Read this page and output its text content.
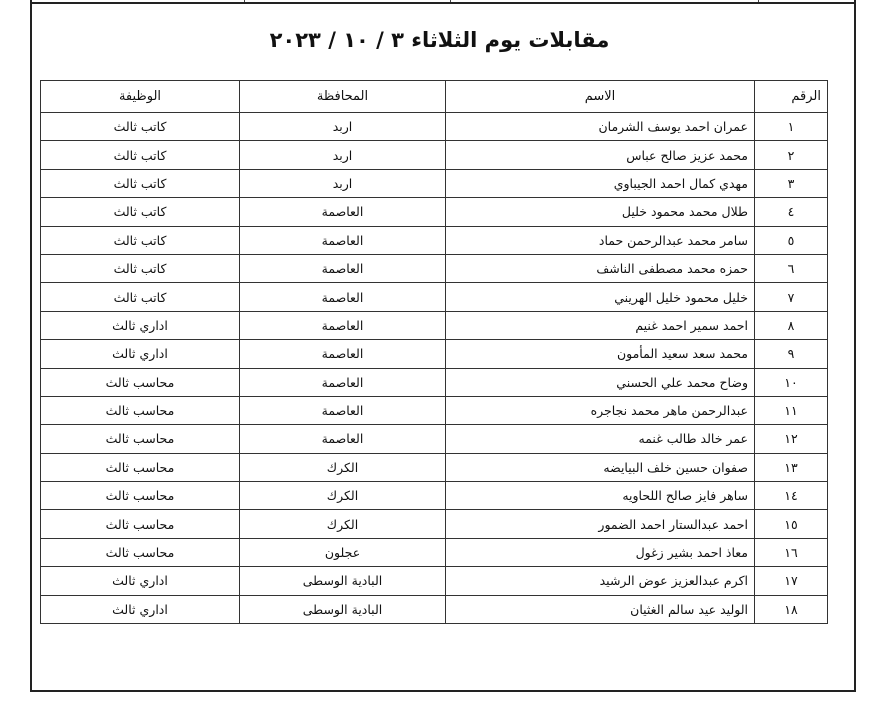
مقابلات يوم الثلاثاء ٣ / ١٠ / ٢٠٢٣
الرقم	الاسم	المحافظة	الوظيفة
١	عمران احمد يوسف الشرمان	اربد	كاتب ثالث
٢	محمد عزيز صالح عباس	اربد	كاتب ثالث
٣	مهدي كمال احمد الجيباوي	اربد	كاتب ثالث
٤	طلال محمد محمود خليل	العاصمة	كاتب ثالث
٥	سامر محمد عبدالرحمن حماد	العاصمة	كاتب ثالث
٦	حمزه محمد مصطفى الناشف	العاصمة	كاتب ثالث
٧	خليل محمود خليل الهريني	العاصمة	كاتب ثالث
٨	احمد سمير احمد غنيم	العاصمة	اداري ثالث
٩	محمد سعد سعيد المأمون	العاصمة	اداري ثالث
١٠	وضاح محمد علي الحسني	العاصمة	محاسب ثالث
١١	عبدالرحمن ماهر محمد نجاجره	العاصمة	محاسب ثالث
١٢	عمر خالد طالب غنمه	العاصمة	محاسب ثالث
١٣	صفوان حسين خلف البيايضه	الكرك	محاسب ثالث
١٤	ساهر فايز صالح اللحاويه	الكرك	محاسب ثالث
١٥	احمد عبدالستار احمد الضمور	الكرك	محاسب ثالث
١٦	معاذ احمد بشير زغول	عجلون	محاسب ثالث
١٧	اكرم عبدالعزيز عوض الرشيد	البادية الوسطى	اداري ثالث
١٨	الوليد عيد سالم الغثيان	البادية الوسطى	اداري ثالث
